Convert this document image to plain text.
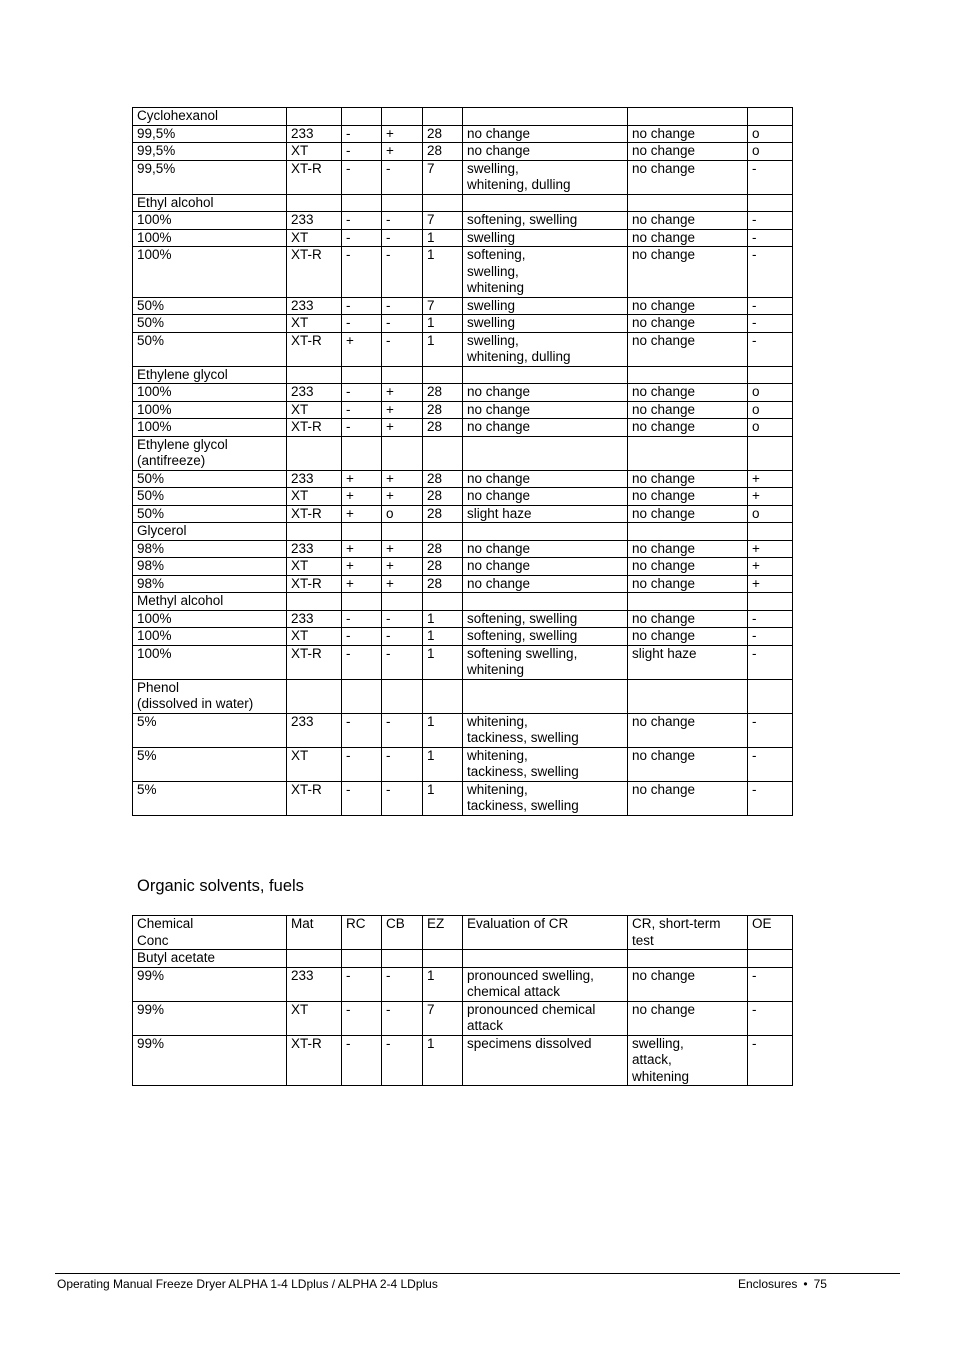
Cyclohexanol							
99,5%	233	-	+	28	no change	no change	o
99,5%	XT	-	+	28	no change	no change	o
99,5%	XT-R	-	-	7	swelling,
whitening, dulling	no change	-
Ethyl alcohol							
100%	233	-	-	7	softening, swelling	no change	-
100%	XT	-	-	1	swelling	no change	-
100%	XT-R	-	-	1	softening,
swelling,
whitening	no change	-
50%	233	-	-	7	swelling	no change	-
50%	XT	-	-	1	swelling	no change	-
50%	XT-R	+	-	1	swelling,
whitening, dulling	no change	-
Ethylene glycol							
100%	233	-	+	28	no change	no change	o
100%	XT	-	+	28	no change	no change	o
100%	XT-R	-	+	28	no change	no change	o
Ethylene glycol
(antifreeze)							
50%	233	+	+	28	no change	no change	+
50%	XT	+	+	28	no change	no change	+
50%	XT-R	+	o	28	slight haze	no change	o
Glycerol							
98%	233	+	+	28	no change	no change	+
98%	XT	+	+	28	no change	no change	+
98%	XT-R	+	+	28	no change	no change	+
Methyl alcohol							
100%	233	-	-	1	softening, swelling	no change	-
100%	XT	-	-	1	softening, swelling	no change	-
100%	XT-R	-	-	1	softening swelling,
whitening	slight haze	-
Phenol
(dissolved in water)							
5%	233	-	-	1	whitening,
tackiness, swelling	no change	-
5%	XT	-	-	1	whitening,
tackiness, swelling	no change	-
5%	XT-R	-	-	1	whitening,
tackiness, swelling	no change	-
Organic solvents, fuels
Chemical
Conc	Mat	RC	CB	EZ	Evaluation of CR	CR, short-term
test	OE
Butyl acetate							
99%	233	-	-	1	pronounced swelling,
chemical attack	no change	-
99%	XT	-	-	7	pronounced chemical
attack	no change	-
99%	XT-R	-	-	1	specimens dissolved	swelling,
attack,
whitening	-
Operating Manual Freeze Dryer ALPHA 1-4 LDplus / ALPHA 2-4 LDplus	Enclosures • 75
